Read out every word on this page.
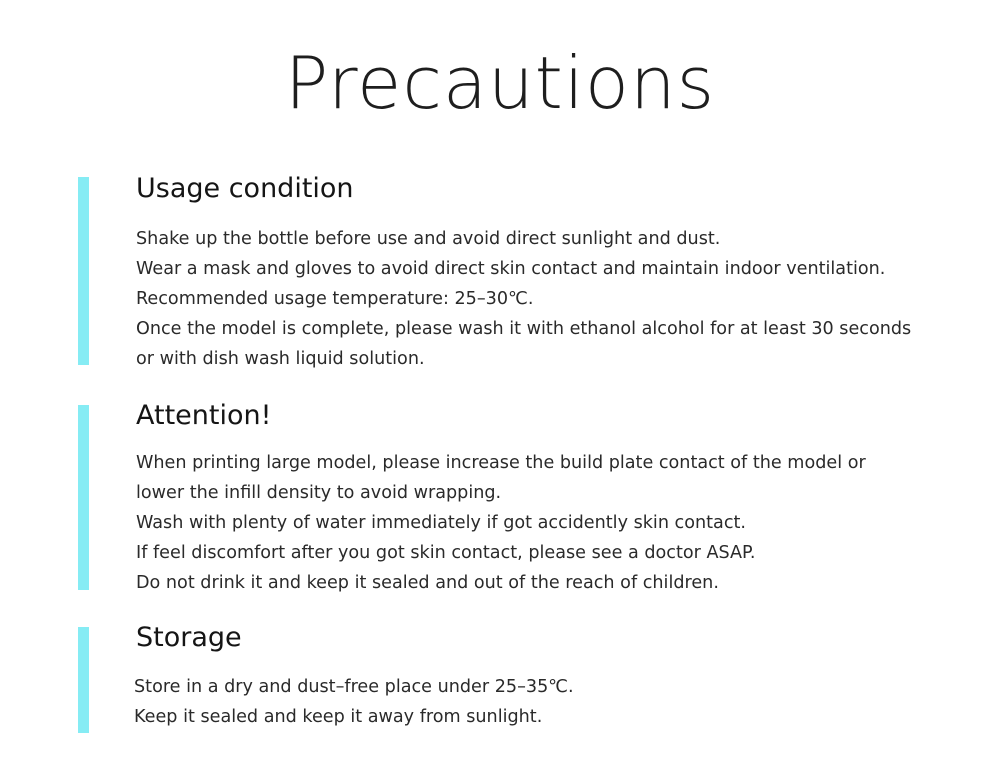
Precautions
Usage condition
Shake up the bottle before use and avoid direct sunlight and dust.
Wear a mask and gloves to avoid direct skin contact and maintain indoor ventilation.
Recommended usage temperature: 25–30℃.
Once the model is complete, please wash it with ethanol alcohol for at least 30 seconds
or with dish wash liquid solution.
Attention!
When printing large model, please increase the build plate contact of the model or
lower the infill density to avoid wrapping.
Wash with plenty of water immediately if got accidently skin contact.
If feel discomfort after you got skin contact, please see a doctor ASAP.
Do not drink it and keep it sealed and out of the reach of children.
Storage
Store in a dry and dust–free place under 25–35℃.
Keep it sealed and keep it away from sunlight.
